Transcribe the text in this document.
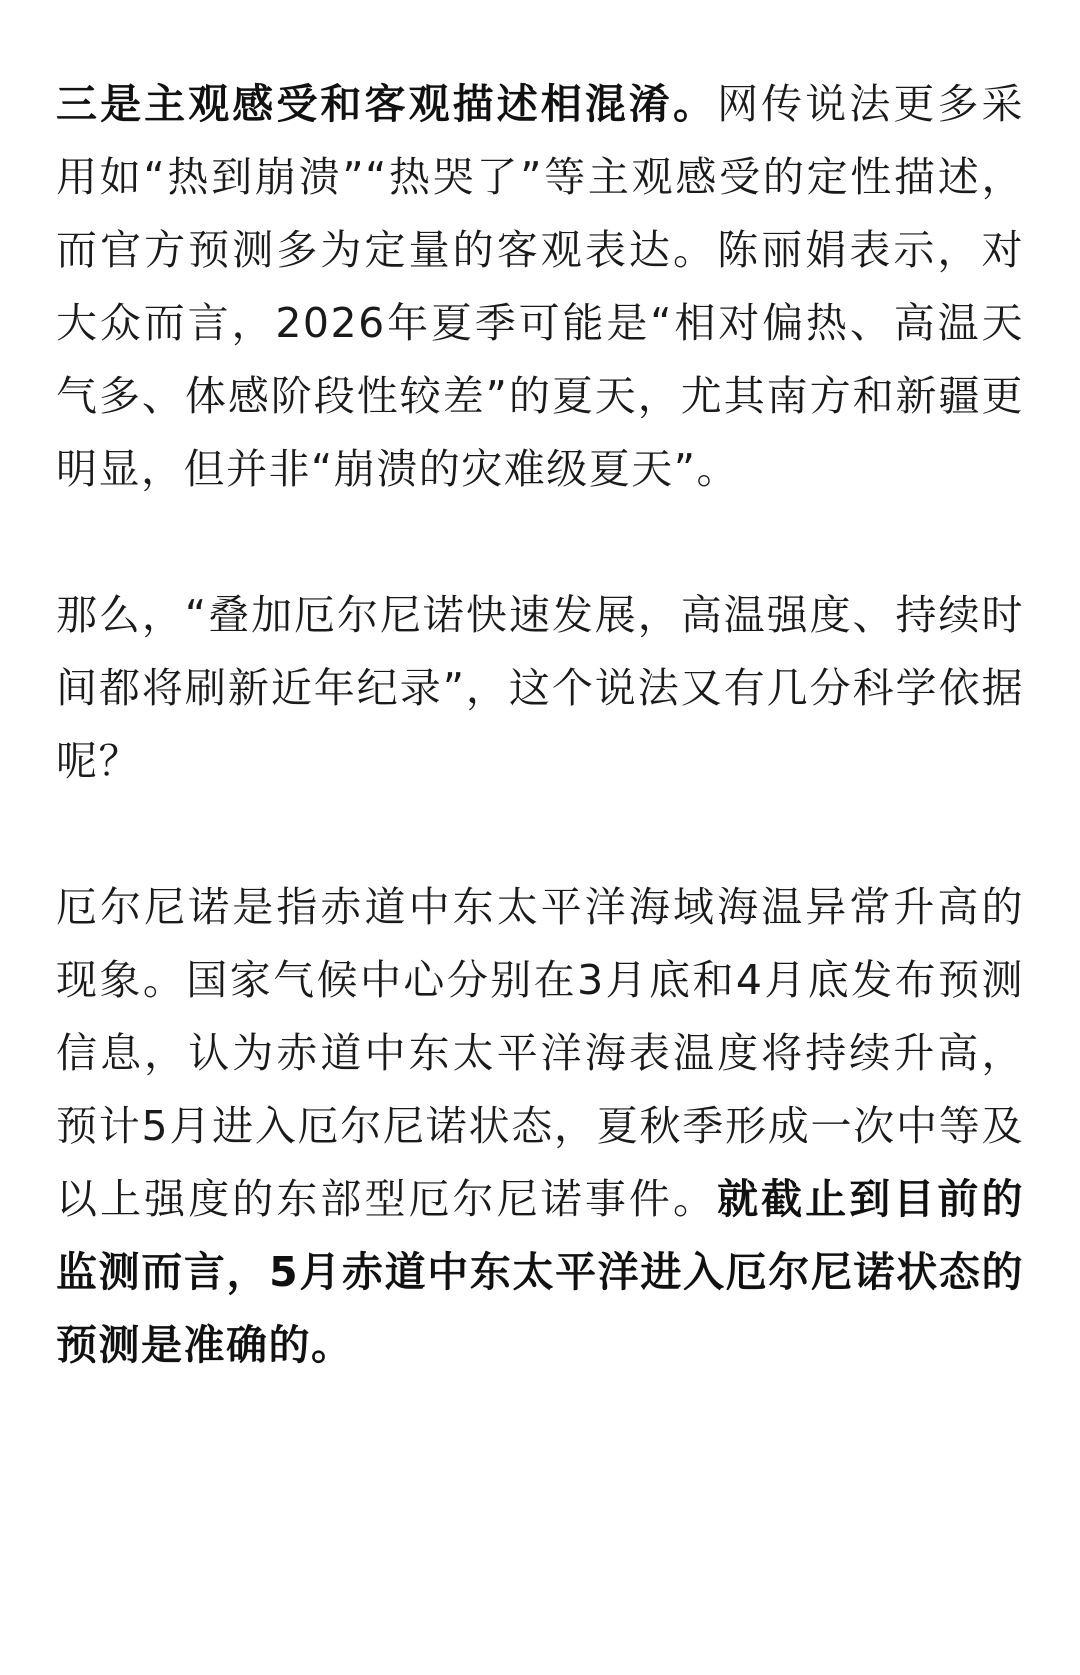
三是主观感受和客观描述相混淆。网传说法更多采用如“热到崩溃”“热哭了”等主观感受的定性描述，而官方预测多为定量的客观表达。陈丽娟表示，对大众而言，2026年夏季可能是“相对偏热、高温天气多、体感阶段性较差”的夏天，尤其南方和新疆更明显，但并非“崩溃的灾难级夏天”。

那么，“叠加厄尔尼诺快速发展，高温强度、持续时间都将刷新近年纪录”，这个说法又有几分科学依据呢？

厄尔尼诺是指赤道中东太平洋海域海温异常升高的现象。国家气候中心分别在3月底和4月底发布预测信息，认为赤道中东太平洋海表温度将持续升高，预计5月进入厄尔尼诺状态，夏秋季形成一次中等及以上强度的东部型厄尔尼诺事件。就截止到目前的监测而言，5月赤道中东太平洋进入厄尔尼诺状态的预测是准确的。
